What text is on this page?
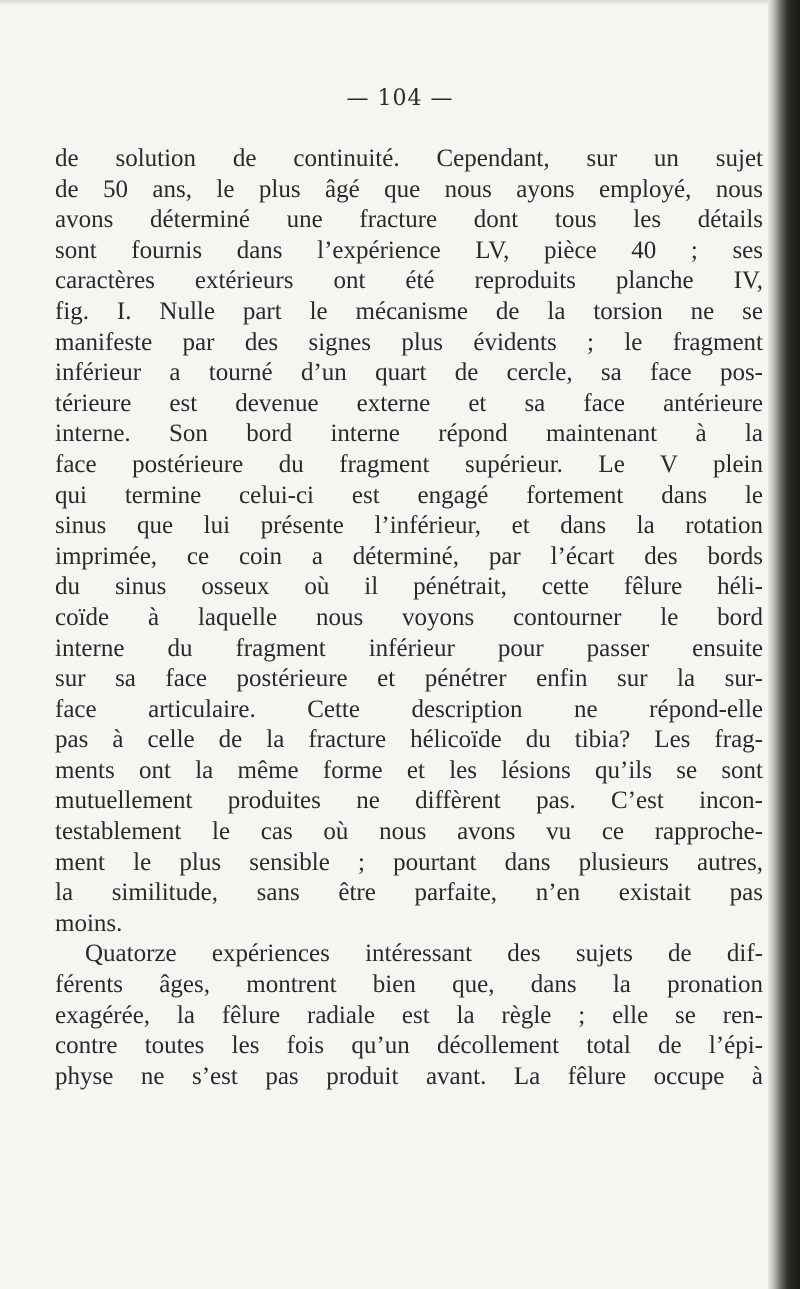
— 104 —
de solution de continuité. Cependant, sur un sujet
de 50 ans, le plus âgé que nous ayons employé, nous
avons déterminé une fracture dont tous les détails
sont fournis dans l’expérience LV, pièce 40 ; ses
caractères extérieurs ont été reproduits planche IV,
fig. I. Nulle part le mécanisme de la torsion ne se
manifeste par des signes plus évidents ; le fragment
inférieur a tourné d’un quart de cercle, sa face pos-
térieure est devenue externe et sa face antérieure
interne. Son bord interne répond maintenant à la
face postérieure du fragment supérieur. Le V plein
qui termine celui-ci est engagé fortement dans le
sinus que lui présente l’inférieur, et dans la rotation
imprimée, ce coin a déterminé, par l’écart des bords
du sinus osseux où il pénétrait, cette fêlure héli-
coïde à laquelle nous voyons contourner le bord
interne du fragment inférieur pour passer ensuite
sur sa face postérieure et pénétrer enfin sur la sur-
face articulaire. Cette description ne répond-elle
pas à celle de la fracture hélicoïde du tibia? Les frag-
ments ont la même forme et les lésions qu’ils se sont
mutuellement produites ne diffèrent pas. C’est incon-
testablement le cas où nous avons vu ce rapproche-
ment le plus sensible ; pourtant dans plusieurs autres,
la similitude, sans être parfaite, n’en existait pas
moins.
Quatorze expériences intéressant des sujets de dif-
férents âges, montrent bien que, dans la pronation
exagérée, la fêlure radiale est la règle ; elle se ren-
contre toutes les fois qu’un décollement total de l’épi-
physe ne s’est pas produit avant. La fêlure occupe à
